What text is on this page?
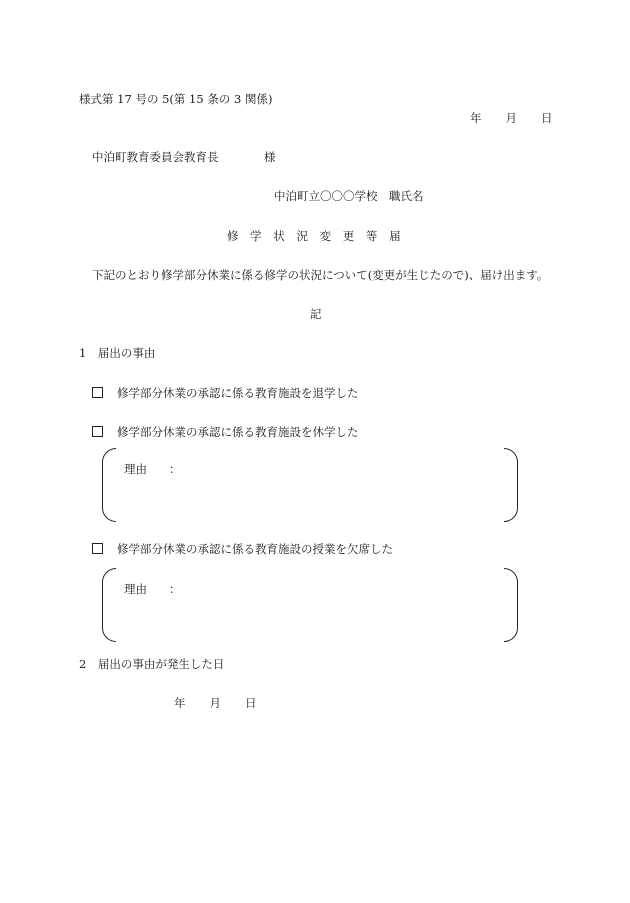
様式第 17 号の 5(第 15 条の 3 関係)
年 月 日
中泊町教育委員会教育長	様
中泊町立〇〇〇学校　職氏名
修 学 状 況 変 更 等 届
下記のとおり修学部分休業に係る修学の状況について(変更が生じたので)、届け出ます。
記
1　届出の事由
修学部分休業の承認に係る教育施設を退学した
修学部分休業の承認に係る教育施設を休学した
理由 ：
修学部分休業の承認に係る教育施設の授業を欠席した
理由 ：
2　届出の事由が発生した日
年 月 日
